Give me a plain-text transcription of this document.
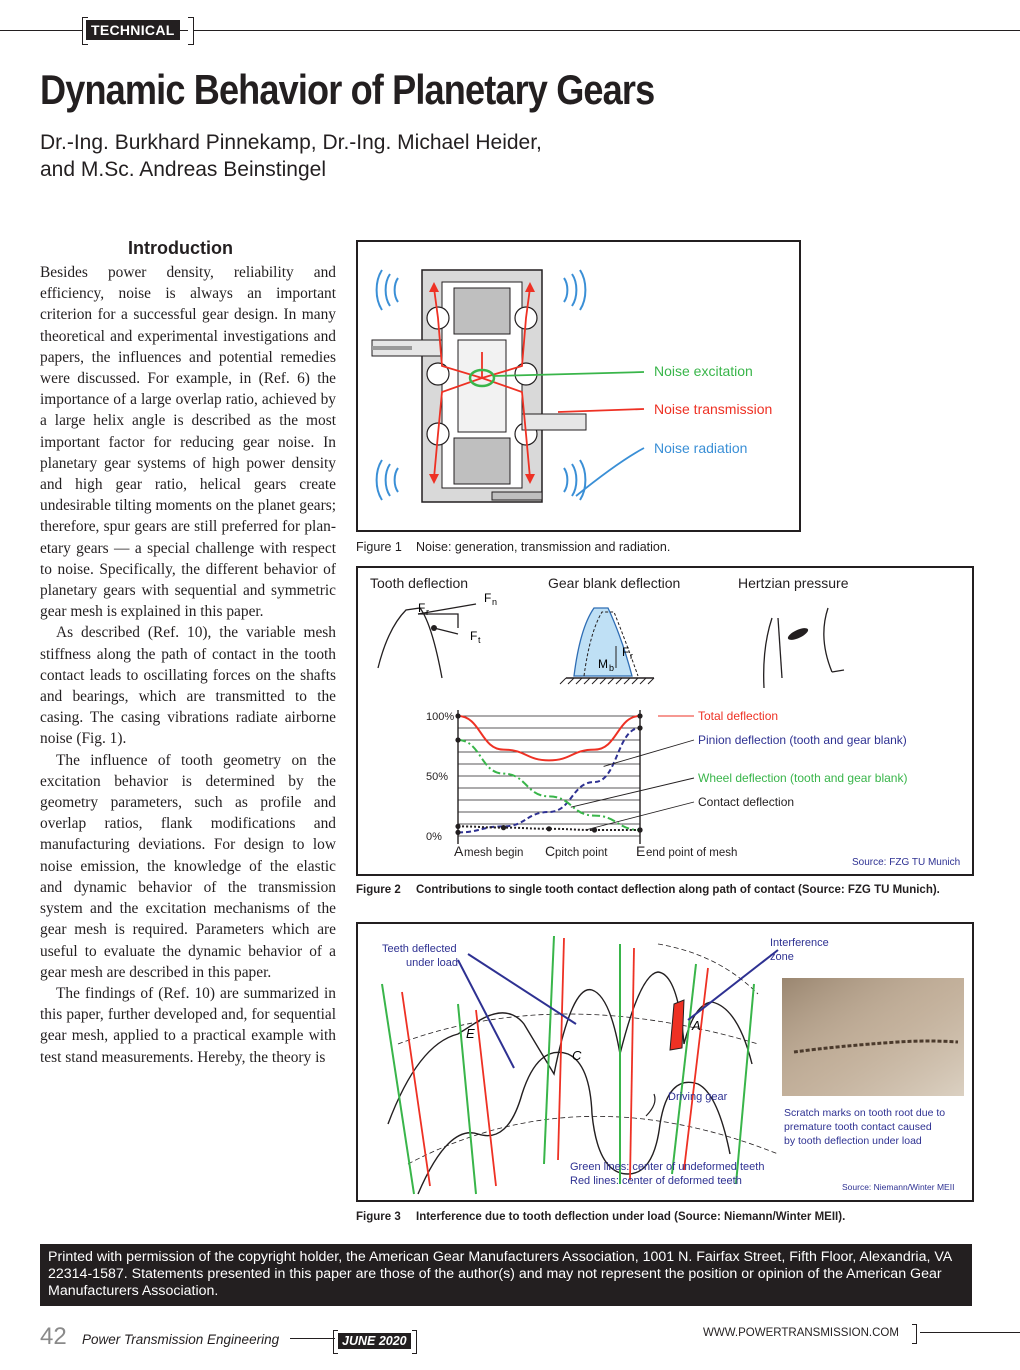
TECHNICAL
Dynamic Behavior of Planetary Gears
Dr.-Ing. Burkhard Pinnekamp, Dr.-Ing. Michael Heider,
and M.Sc. Andreas Beinstingel
Introduction

Besides power density, reliability and efficiency, noise is always an important criterion for a successful gear design. In many theoretical and experimental investigations and papers, the influences and potential remedies were discussed. For example, in (Ref. 6) the importance of a large overlap ratio, achieved by a large helix angle is described as the most important factor for reducing gear noise. In planetary gear systems of high power density and high gear ratio, helical gears create undesirable tilting moments on the planet gears; therefore, spur gears are still preferred for planetary gears — a special challenge with respect to noise. Specifically, the different behavior of planetary gears with sequential and symmetric gear mesh is explained in this paper.

As described (Ref. 10), the variable mesh stiffness along the path of contact in the tooth contact leads to oscillating forces on the shafts and bearings, which are transmitted to the casing. The casing vibrations radiate airborne noise (Fig. 1).

The influence of tooth geometry on the excitation behavior is determined by the geometry parameters, such as profile and overlap ratios, flank modifications and manufacturing deviations. For design to low noise emission, the knowledge of the elastic and dynamic behavior of the transmission system and the excitation mechanisms of the gear mesh is required. Parameters which are useful to evaluate the dynamic behavior of a gear mesh are described in this paper.

The findings of (Ref. 10) are summarized in this paper, further developed and, for sequential gear mesh, applied to a practical example with test stand measurements. Hereby, the theory is

Noise excitation
Noise transmission
Noise radiation
Figure 1 Noise: generation, transmission and radiation.
Tooth deflection	Gear blank deflection	Hertzian pressure
F r
F n
F t
F r
M b
100%
50%
0%
A mesh begin C pitch point E end point of mesh
Total deflection
Pinion deflection (tooth and gear blank)
Wheel deflection (tooth and gear blank)
Contact deflection
Source: FZG TU Munich
Figure 2 Contributions to single tooth contact deflection along path of contact (Source: FZG TU Munich).
E
C
A
Teeth deflected
under load
Interference
zone
Driving gear
Scratch marks on tooth root due to
premature tooth contact caused
by tooth deflection under load
Green lines: center of undeformed teeth
Red lines: center of deformed teeth	Source: Niemann/Winter MEII
Figure 3 Interference due to tooth deflection under load (Source: Niemann/Winter MEII).
Printed with permission of the copyright holder, the American Gear Manufacturers Association, 1001 N. Fairfax Street, Fifth Floor, Alexandria, VA 22314-1587. Statements presented in this paper are those of the author(s) and may not represent the position or opinion of the American Gear Manufacturers Association.
42 Power Transmission Engineering	JUNE 2020
WWW.POWERTRANSMISSION.COM
